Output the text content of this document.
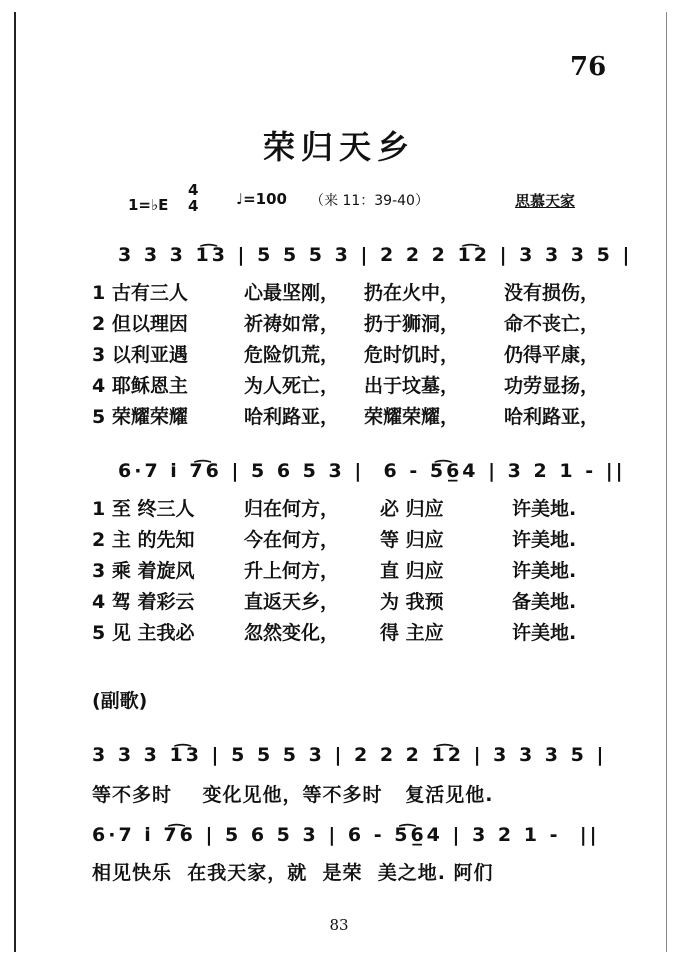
76
荣归天乡
1=♭E
4
4	♩=100 （来 11：39-40）	思慕天家
3 3 3 1͡3 | 5 5 5 3 | 2 2 2 1͡2 | 3 3 3 5 |
1 古有三人	心最坚刚， 扔在火中， 没有损伤，
2 但以理因	祈祷如常， 扔于狮洞， 命不丧亡，
3 以利亚遇	危险饥荒， 危时饥时， 仍得平康，
4 耶稣恩主	为人死亡， 出于坟墓， 功劳显扬，
5 荣耀荣耀	哈利路亚， 荣耀荣耀， 哈利路亚，
6·7 i 7͡6 | 5 6 5 3 |  6 - 5͡6̲4 | 3 2 1 - ||
1 至 终三人	归在何方， 必 归应	许美地.
2 主 的先知	今在何方， 等 归应	许美地.
3 乘 着旋风	升上何方， 直 归应	许美地.
4 驾 着彩云	直返天乡， 为 我预	备美地.
5 见 主我必	忽然变化， 得 主应	许美地.
(副歌)
3 3 3 1͡3 | 5 5 5 3 | 2 2 2 1͡2 | 3 3 3 5 |
等不多时    变化见他，等不多时   复活见他.
6·7 i 7͡6 | 5 6 5 3 | 6 - 5͡6̲4 | 3 2 1 -  ||
相见快乐  在我天家，就  是荣  美之地. 阿们
83
